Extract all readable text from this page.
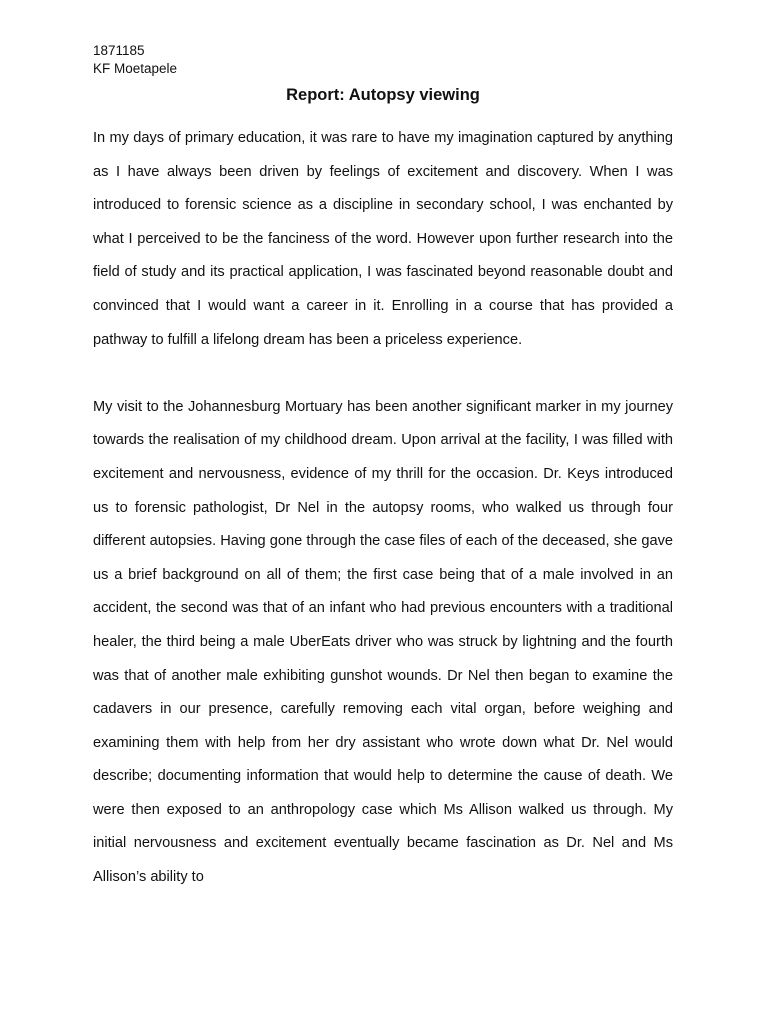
1871185
KF Moetapele
Report: Autopsy viewing

In my days of primary education, it was rare to have my imagination captured by anything as I have always been driven by feelings of excitement and discovery. When I was introduced to forensic science as a discipline in secondary school, I was enchanted by what I perceived to be the fanciness of the word. However upon further research into the field of study and its practical application, I was fascinated beyond reasonable doubt and convinced that I would want a career in it. Enrolling in a course that has provided a pathway to fulfill a lifelong dream has been a priceless experience.

My visit to the Johannesburg Mortuary has been another significant marker in my journey towards the realisation of my childhood dream. Upon arrival at the facility, I was filled with excitement and nervousness, evidence of my thrill for the occasion. Dr. Keys introduced us to forensic pathologist, Dr Nel in the autopsy rooms, who walked us through four different autopsies. Having gone through the case files of each of the deceased, she gave us a brief background on all of them; the first case being that of a male involved in an accident, the second was that of an infant who had previous encounters with a traditional healer, the third being a male UberEats driver who was struck by lightning and the fourth was that of another male exhibiting gunshot wounds. Dr Nel then began to examine the cadavers in our presence, carefully removing each vital organ, before weighing and examining them with help from her dry assistant who wrote down what Dr. Nel would describe; documenting information that would help to determine the cause of death. We were then exposed to an anthropology case which Ms Allison walked us through. My initial nervousness and excitement eventually became fascination as Dr. Nel and Ms Allison’s ability to
